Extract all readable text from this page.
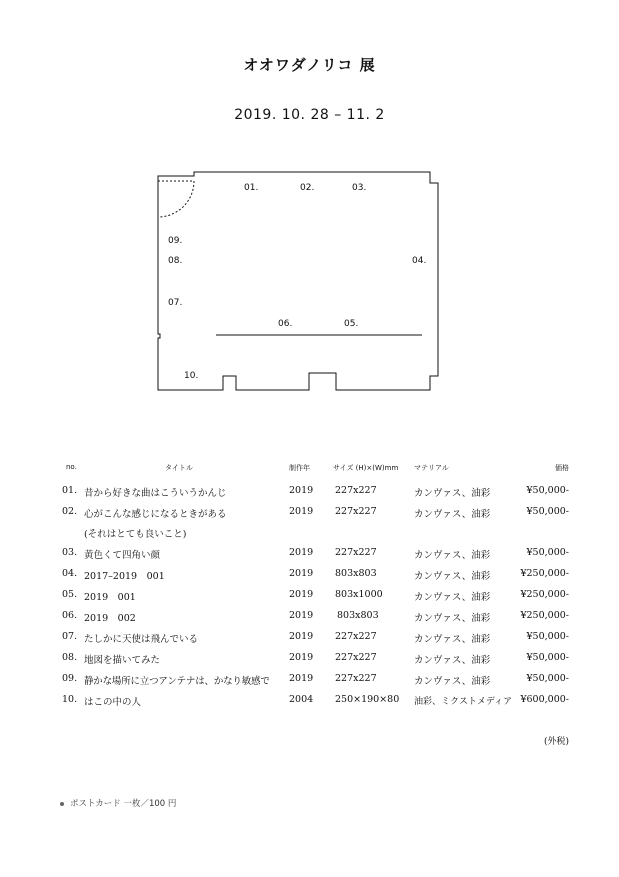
オオワダノリコ 展
2019. 10. 28 – 11. 2
01.	02.	03.
04.
05.
06.
07.
08.
09.
10.
no.	タイトル	制作年	サイズ (H)×(W)mm マテリアル	価格
01. 昔から好きな曲はこういうかんじ	2019 227x227	カンヴァス、油彩	¥50,000-
02. 心がこんな感じになるときがある	2019 227x227	カンヴァス、油彩	¥50,000-
(それはとても良いこと)
03. 黄色くて四角い顔	2019 227x227	カンヴァス、油彩	¥50,000-
04. 2017–2019　001	2019 803x803	カンヴァス、油彩	¥250,000-
05. 2019　001	2019 803x1000	カンヴァス、油彩	¥250,000-
06. 2019　002	2019	803x803	カンヴァス、油彩	¥250,000-
07. たしかに天使は飛んでいる	2019 227x227	カンヴァス、油彩	¥50,000-
08. 地図を描いてみた	2019 227x227	カンヴァス、油彩	¥50,000-
09. 静かな場所に立つアンテナは、かなり敏感で 2019 227x227	カンヴァス、油彩	¥50,000-
10. はこの中の人	2004 250×190×80 油彩、ミクストメディア ¥600,000-
(外税)
ポストカード 一枚／100 円
